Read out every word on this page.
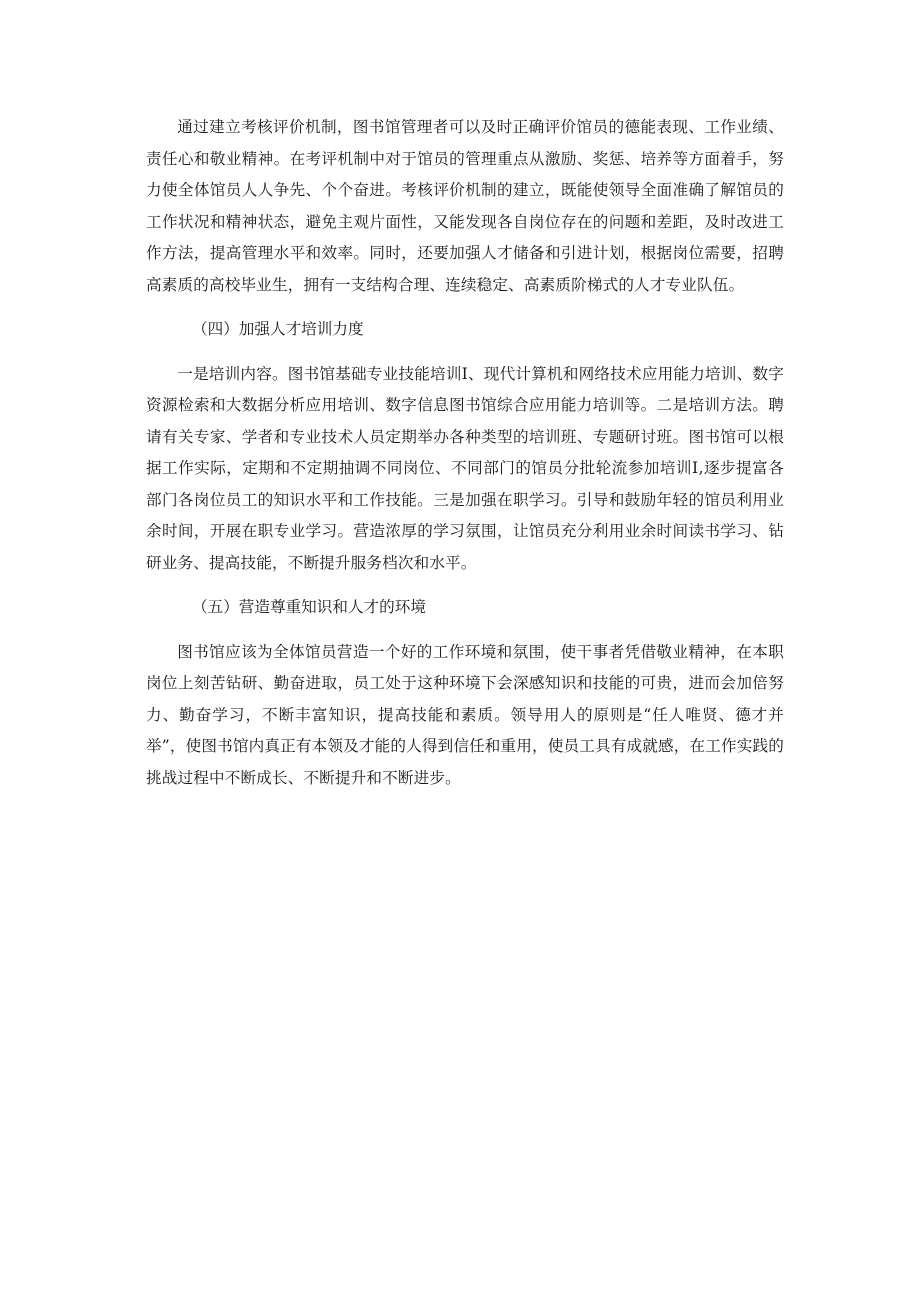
通过建立考核评价机制，图书馆管理者可以及时正确评价馆员的德能表现、工作业绩、责任心和敬业精神。在考评机制中对于馆员的管理重点从激励、奖惩、培养等方面着手，努力使全体馆员人人争先、个个奋进。考核评价机制的建立，既能使领导全面准确了解馆员的工作状况和精神状态，避免主观片面性，又能发现各自岗位存在的问题和差距，及时改进工作方法，提高管理水平和效率。同时，还要加强人才储备和引进计划，根据岗位需要，招聘高素质的高校毕业生，拥有一支结构合理、连续稳定、高素质阶梯式的人才专业队伍。

（四）加强人才培训力度

一是培训内容。图书馆基础专业技能培训Ⅰ、现代计算机和网络技术应用能力培训、数字资源检索和大数据分析应用培训、数字信息图书馆综合应用能力培训等。二是培训方法。聘请有关专家、学者和专业技术人员定期举办各种类型的培训班、专题研讨班。图书馆可以根据工作实际，定期和不定期抽调不同岗位、不同部门的馆员分批轮流参加培训Ⅰ,逐步提富各部门各岗位员工的知识水平和工作技能。三是加强在职学习。引导和鼓励年轻的馆员利用业余时间，开展在职专业学习。营造浓厚的学习氛围，让馆员充分利用业余时间读书学习、钻研业务、提高技能，不断提升服务档次和水平。

（五）营造尊重知识和人才的环境

图书馆应该为全体馆员营造一个好的工作环境和氛围，使干事者凭借敬业精神，在本职岗位上刻苦钻研、勤奋进取，员工处于这种环境下会深感知识和技能的可贵，进而会加倍努力、勤奋学习，不断丰富知识，提高技能和素质。领导用人的原则是“任人唯贤、德才并举”，使图书馆内真正有本领及才能的人得到信任和重用，使员工具有成就感，在工作实践的挑战过程中不断成长、不断提升和不断进步。
